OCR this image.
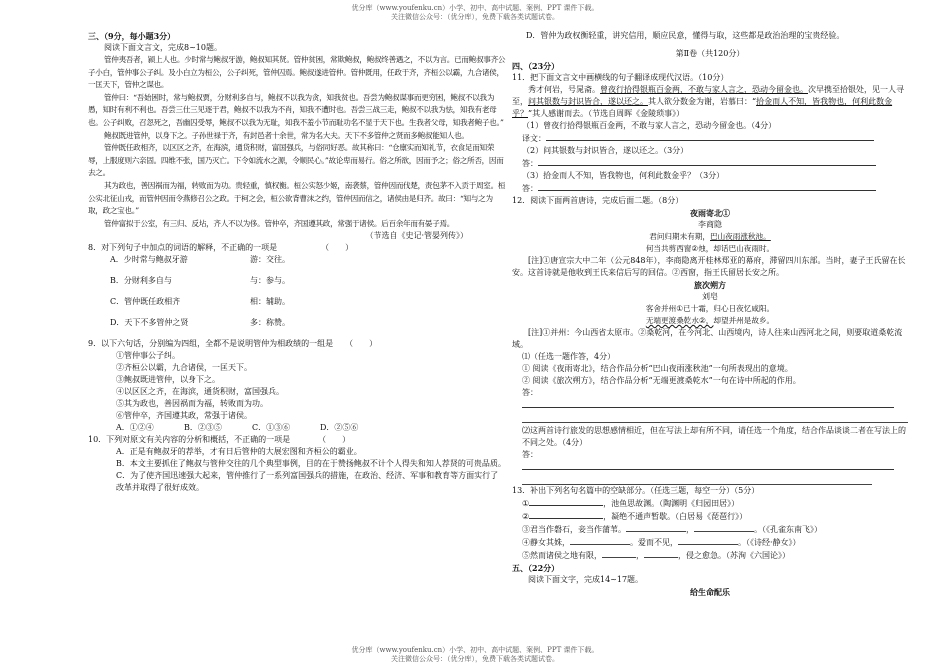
优分库（www.youfenku.cn）小学、初中、高中试题、案例、PPT 课件下载。
关注微信公众号：（优分库），免费下载各类试题试卷。

三、（9分，每小题3分）

阅读下面文言文，完成8~10题。

管仲夷吾者，颍上人也。少时常与鲍叔牙游，鲍叔知其贤。管仲贫困，常欺鲍叔，鲍叔终善遇之，不以为言。已而鲍叔事齐公子小白，管仲事公子纠。及小白立为桓公，公子纠死，管仲囚焉。鲍叔遂进管仲。管仲既用，任政于齐，齐桓公以霸，九合诸侯，一匡天下，管仲之谋也。

管仲曰：“吾始困时，常与鲍叔贾，分财利多自与，鲍叔不以我为贪，知我贫也。吾尝为鲍叔谋事而更穷困，鲍叔不以我为愚，知时有利不利也。吾尝三仕三见逐于君，鲍叔不以我为不肖，知我不遭时也。吾尝三战三走，鲍叔不以我为怯，知我有老母也。公子纠败，召忽死之，吾幽囚受辱，鲍叔不以我为无耻，知我不羞小节而耻功名不显于天下也。生我者父母，知我者鲍子也。”

鲍叔既进管仲，以身下之。子孙世禄于齐，有封邑者十余世，常为名大夫。天下不多管仲之贤而多鲍叔能知人也。

管仲既任政相齐，以区区之齐，在海滨，通货积财，富国强兵，与俗同好恶。故其称曰：“仓廪实而知礼节，衣食足而知荣辱，上服度则六亲固。四维不张，国乃灭亡。下令如流水之源，令顺民心。”故论卑而易行。俗之所欲，因而予之；俗之所否，因而去之。

其为政也，善因祸而为福，转败而为功。贵轻重，慎权衡。桓公实怒少姬，南袭蔡，管仲因而伐楚，责包茅不入贡于周室。桓公实北征山戎，而管仲因而令燕修召公之政。于柯之会，桓公欲背曹沫之约，管仲因而信之，诸侯由是归齐。故曰：“知与之为取，政之宝也。”

管仲富拟于公室，有三归、反坫，齐人不以为侈。管仲卒，齐国遵其政，常强于诸侯。后百余年而有晏子焉。

（节选自《史记·管晏列传》）

8．对下列句子中加点的词语的解释，不正确的一项是　　　　　　（　　）

A．少时常与鲍叔牙游	游：交往。
B．分财利多自与	与：参与。
C．管仲既任政相齐	相：辅助。
D．天下不多管仲之贤	多：称赞。

9．以下六句话，分别编为四组，全都不是说明管仲为相政绩的一组是　　（　　）

①管仲事公子纠。

②齐桓公以霸，九合诸侯，一匡天下。

③鲍叔既进管仲，以身下之。

④以区区之齐，在海滨，通货积财，富国强兵。

⑤其为政也，善因祸而为福，转败而为功。

⑥管仲卒，齐国遵其政，常强于诸侯。

A．①②④	B．②③⑤	C．①③⑥	D．②⑤⑥

10．下列对原文有关内容的分析和概括，不正确的一项是　　　　（　　）

A．正是有鲍叔牙的荐举，才有日后管仲的大展宏图和齐桓公的霸业。

B．本文主要抓住了鲍叔与管仲交往的几个典型事例，目的在于赞扬鲍叔不计个人得失和知人荐贤的可贵品质。

C．为了使齐国迅速强大起来，管仲推行了一系列富国强兵的措施，在政治、经济、军事和教育等方面实行了改革并取得了很好成效。

D．管仲为政权衡轻重，讲究信用，顺应民意，懂得与取，这些都是政治治理的宝贵经验。

第Ⅱ卷（共120分）

四、（23分）

11．把下面文言文中画横线的句子翻译成现代汉语。（10分）

秀才何岩，号晁斋。曾夜行拾得银瓶百金两，不敢与家人言之，恐动今留金也。次早携至拾银处，见一人寻至，问其银数与封识皆合，遂以还之。其人欲分数金为谢，岩慕曰：“拾金而人不知，皆我物也，何利此数金乎？”其人感谢而去。（节选自周晖《金陵琐事》）

（1）曾夜行拾得银瓶百金两，不敢与家人言之，恐动今留金也。（4分）

译文：

（2）问其银数与封识皆合，遂以还之。（3分）

答：

（3）拾金而人不知，皆我物也，何利此数金乎？（3分）

答：

12．阅读下面两首唐诗，完成后面二题。（8分）

夜雨寄北①

李商隐

君问归期未有期，巴山夜雨涨秋池。

何当共剪西窗②烛，却话巴山夜雨时。

[注]①唐宣宗大中二年（公元848年），李商隐离开桂林郑亚的幕府，滞留四川东部。当时，妻子王氏留在长安。这首诗就是他收到王氏来信后写的回信。②西窗，指王氏留居长安之所。

旅次朔方

刘皂

客舍并州①已十霜，归心日夜忆咸阳。

无端更渡桑乾水②，却望并州是故乡。

[注]①并州：今山西省太原市。②桑乾河，在今河北、山西境内，诗人往来山西河北之间，则要取道桑乾流域。

⑴（任选一题作答，4分）

① 阅读《夜雨寄北》，结合作品分析“巴山夜雨涨秋池”一句所表现出的意境。

② 阅读《旅次朔方》，结合作品分析“无端更渡桑乾水”一句在诗中所起的作用。

答：

⑵这两首诗行旅发的思想感情相近，但在写法上却有所不同，请任选一个角度，结合作品谈谈二者在写法上的不同之处。（4分）

答：

13．补出下列名句名篇中的空缺部分。（任选三题，每空一分）（5分）

①	，池鱼思故渊。（陶渊明《归园田居》）

②	，凝绝不通声暂歇。（白居易《琵琶行》）

③君当作磐石，妾当作蒲苇。	，	。（《孔雀东南飞》）

④静女其姝，	。爱而不见，	。（《诗经·静女》）

⑤然而诸侯之地有限，	，	，侵之愈急。（苏洵《六国论》）

五、（22分）

阅读下面文字，完成14~17题。

给生命配乐

优分库（www.youfenku.cn）小学、初中、高中试题、案例、PPT 课件下载。
关注微信公众号：（优分库），免费下载各类试题试卷。
